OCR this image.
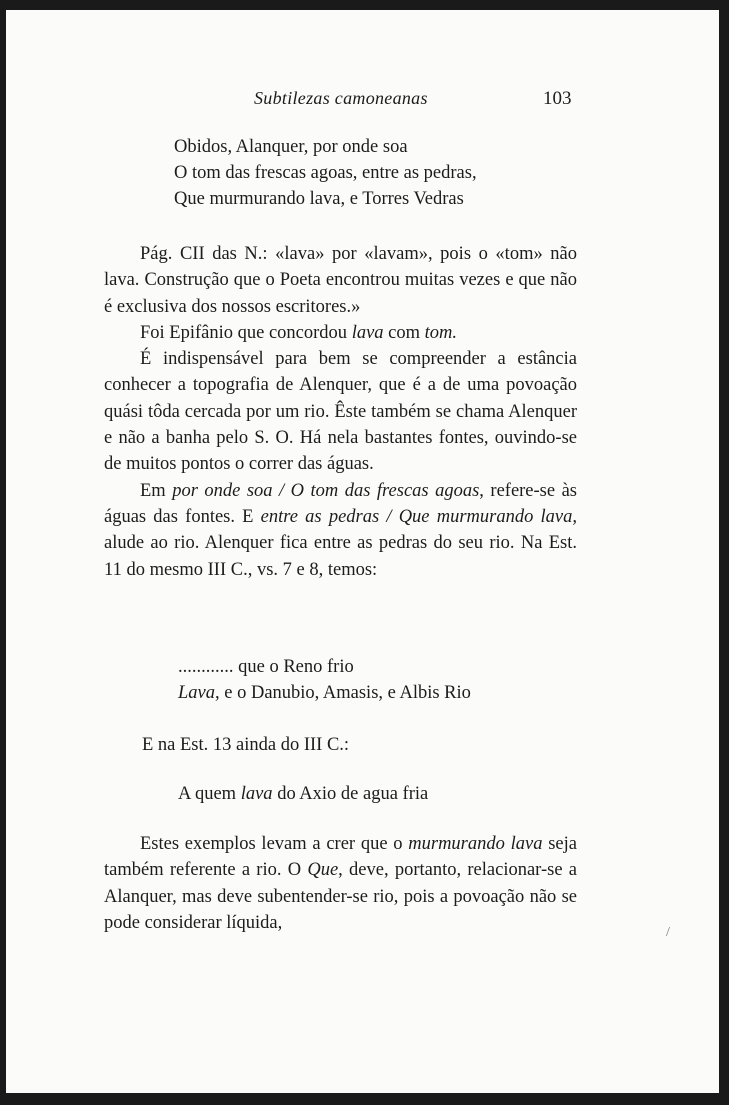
Subtilezas camoneanas	103
Obidos, Alanquer, por onde soa
O tom das frescas agoas, entre as pedras,
Que murmurando lava, e Torres Vedras

Pág. CII das N.: «lava» por «lavam», pois o «tom» não lava. Construção que o Poeta encontrou muitas vezes e que não é exclusiva dos nossos escritores.»

Foi Epifânio que concordou lava com tom.

É indispensável para bem se compreender a estância conhecer a topografia de Alenquer, que é a de uma povoação quási tôda cercada por um rio. Êste também se chama Alenquer e não a banha pelo S. O. Há nela bastantes fontes, ouvindo-se de muitos pontos o correr das águas.

Em por onde soa / O tom das frescas agoas, refere-se às águas das fontes. E entre as pedras / Que murmurando lava, alude ao rio. Alenquer fica entre as pedras do seu rio. Na Est. 11 do mesmo III C., vs. 7 e 8, temos:

............ que o Reno frio
Lava, e o Danubio, Amasis, e Albis Rio

E na Est. 13 ainda do III C.:

A quem lava do Axio de agua fria

Estes exemplos levam a crer que o murmurando lava seja também referente a rio. O Que, deve, portanto, relacionar-se a Alanquer, mas deve subentender-se rio, pois a povoação não se pode considerar líquida,	/
